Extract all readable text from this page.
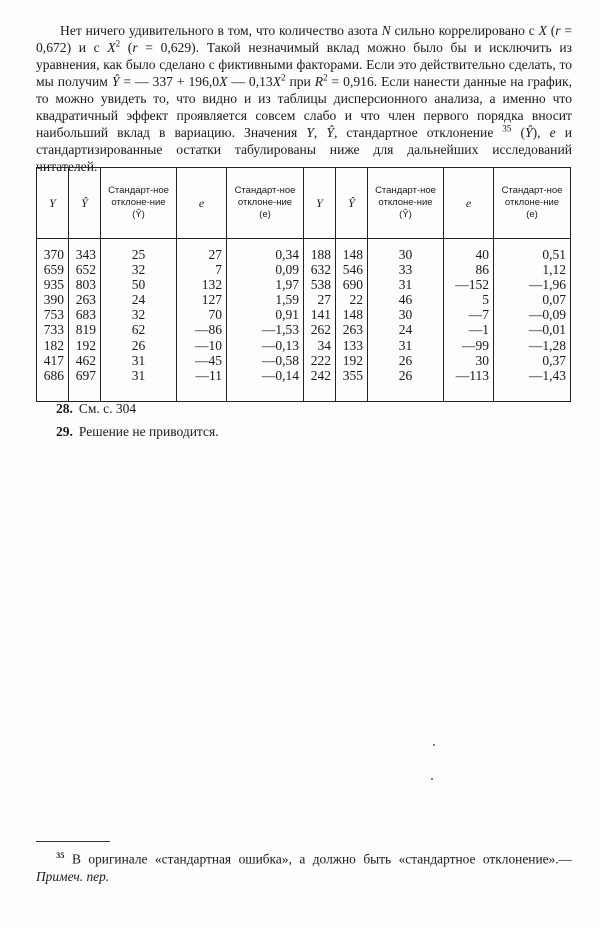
Нет ничего удивительного в том, что количество азота N сильно коррелировано с X (r = 0,672) и с $X^2$ (r = 0,629). Такой незначимый вклад можно было бы и исключить из уравнения, как было сделано с фиктивными факторами. Если это действительно сделать, то мы получим Ŷ = — 337 + 196,0X — $0,13X^2$ при $R^2 = 0,916$. Если нанести данные на график, то можно увидеть то, что видно и из таблицы дисперсионного анализа, а именно что квадратичный эффект проявляется совсем слабо и что член первого порядка вносит наибольший вклад в вариацию. Значения Y, Ŷ, стандартное отклонение $^{35}$ (Ŷ), e и стандартизированные остатки табулированы ниже для дальнейших исследований читателей.

Y	Ŷ	Стандарт-ное отклоне-ние (Ŷ)	e	Стандарт-ное отклоне-ние (e)	Y	Ŷ	Стандарт-ное отклоне-ние (Ŷ)	e	Стандарт-ное отклоне-ние (e)
370	343	25	27	0,34	188	148	30	40	0,51
659	652	32	7	0,09	632	546	33	86	1,12
935	803	50	132	1,97	538	690	31	—152	—1,96
390	263	24	127	1,59	27	22	46	5	0,07
753	683	32	70	0,91	141	148	30	—7	—0,09
733	819	62	—86	—1,53	262	263	24	—1	—0,01
182	192	26	—10	—0,13	34	133	31	—99	—1,28
417	462	31	—45	—0,58	222	192	26	30	0,37
686	697	31	—11	—0,14	242	355	26	—113	—1,43
28. См. с. 304
29. Решение не приводится.

$^{35}$ В оригинале «стандартная ошибка», а должно быть «стандартное отклонение».— Примеч. пер.
